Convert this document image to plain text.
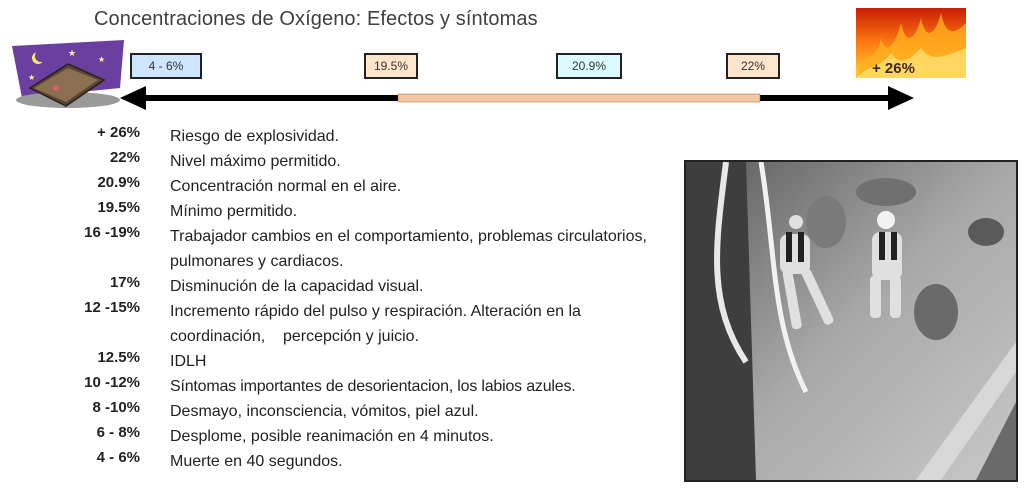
Concentraciones de Oxígeno: Efectos y síntomas
★
★
★
+ 26%
4 - 6%	19.5%	20.9%	22%
+ 26% Riesgo de explosividad.
22% Nivel máximo permitido.
20.9% Concentración normal en el aire.
19.5% Mínimo permitido.
16 -19% Trabajador cambios en el comportamiento, problemas circulatorios, pulmonares y cardiacos.
17% Disminución de la capacidad visual.
12 -15% Incremento rápido del pulso y respiración. Alteración en la coordinación,    percepción y juicio.
12.5% IDLH
10 -12% Síntomas importantes de desorientacion, los labios azules.
8 -10% Desmayo, inconsciencia, vómitos, piel azul.
6 - 8% Desplome, posible reanimación en 4 minutos.
4 - 6% Muerte en 40 segundos.
